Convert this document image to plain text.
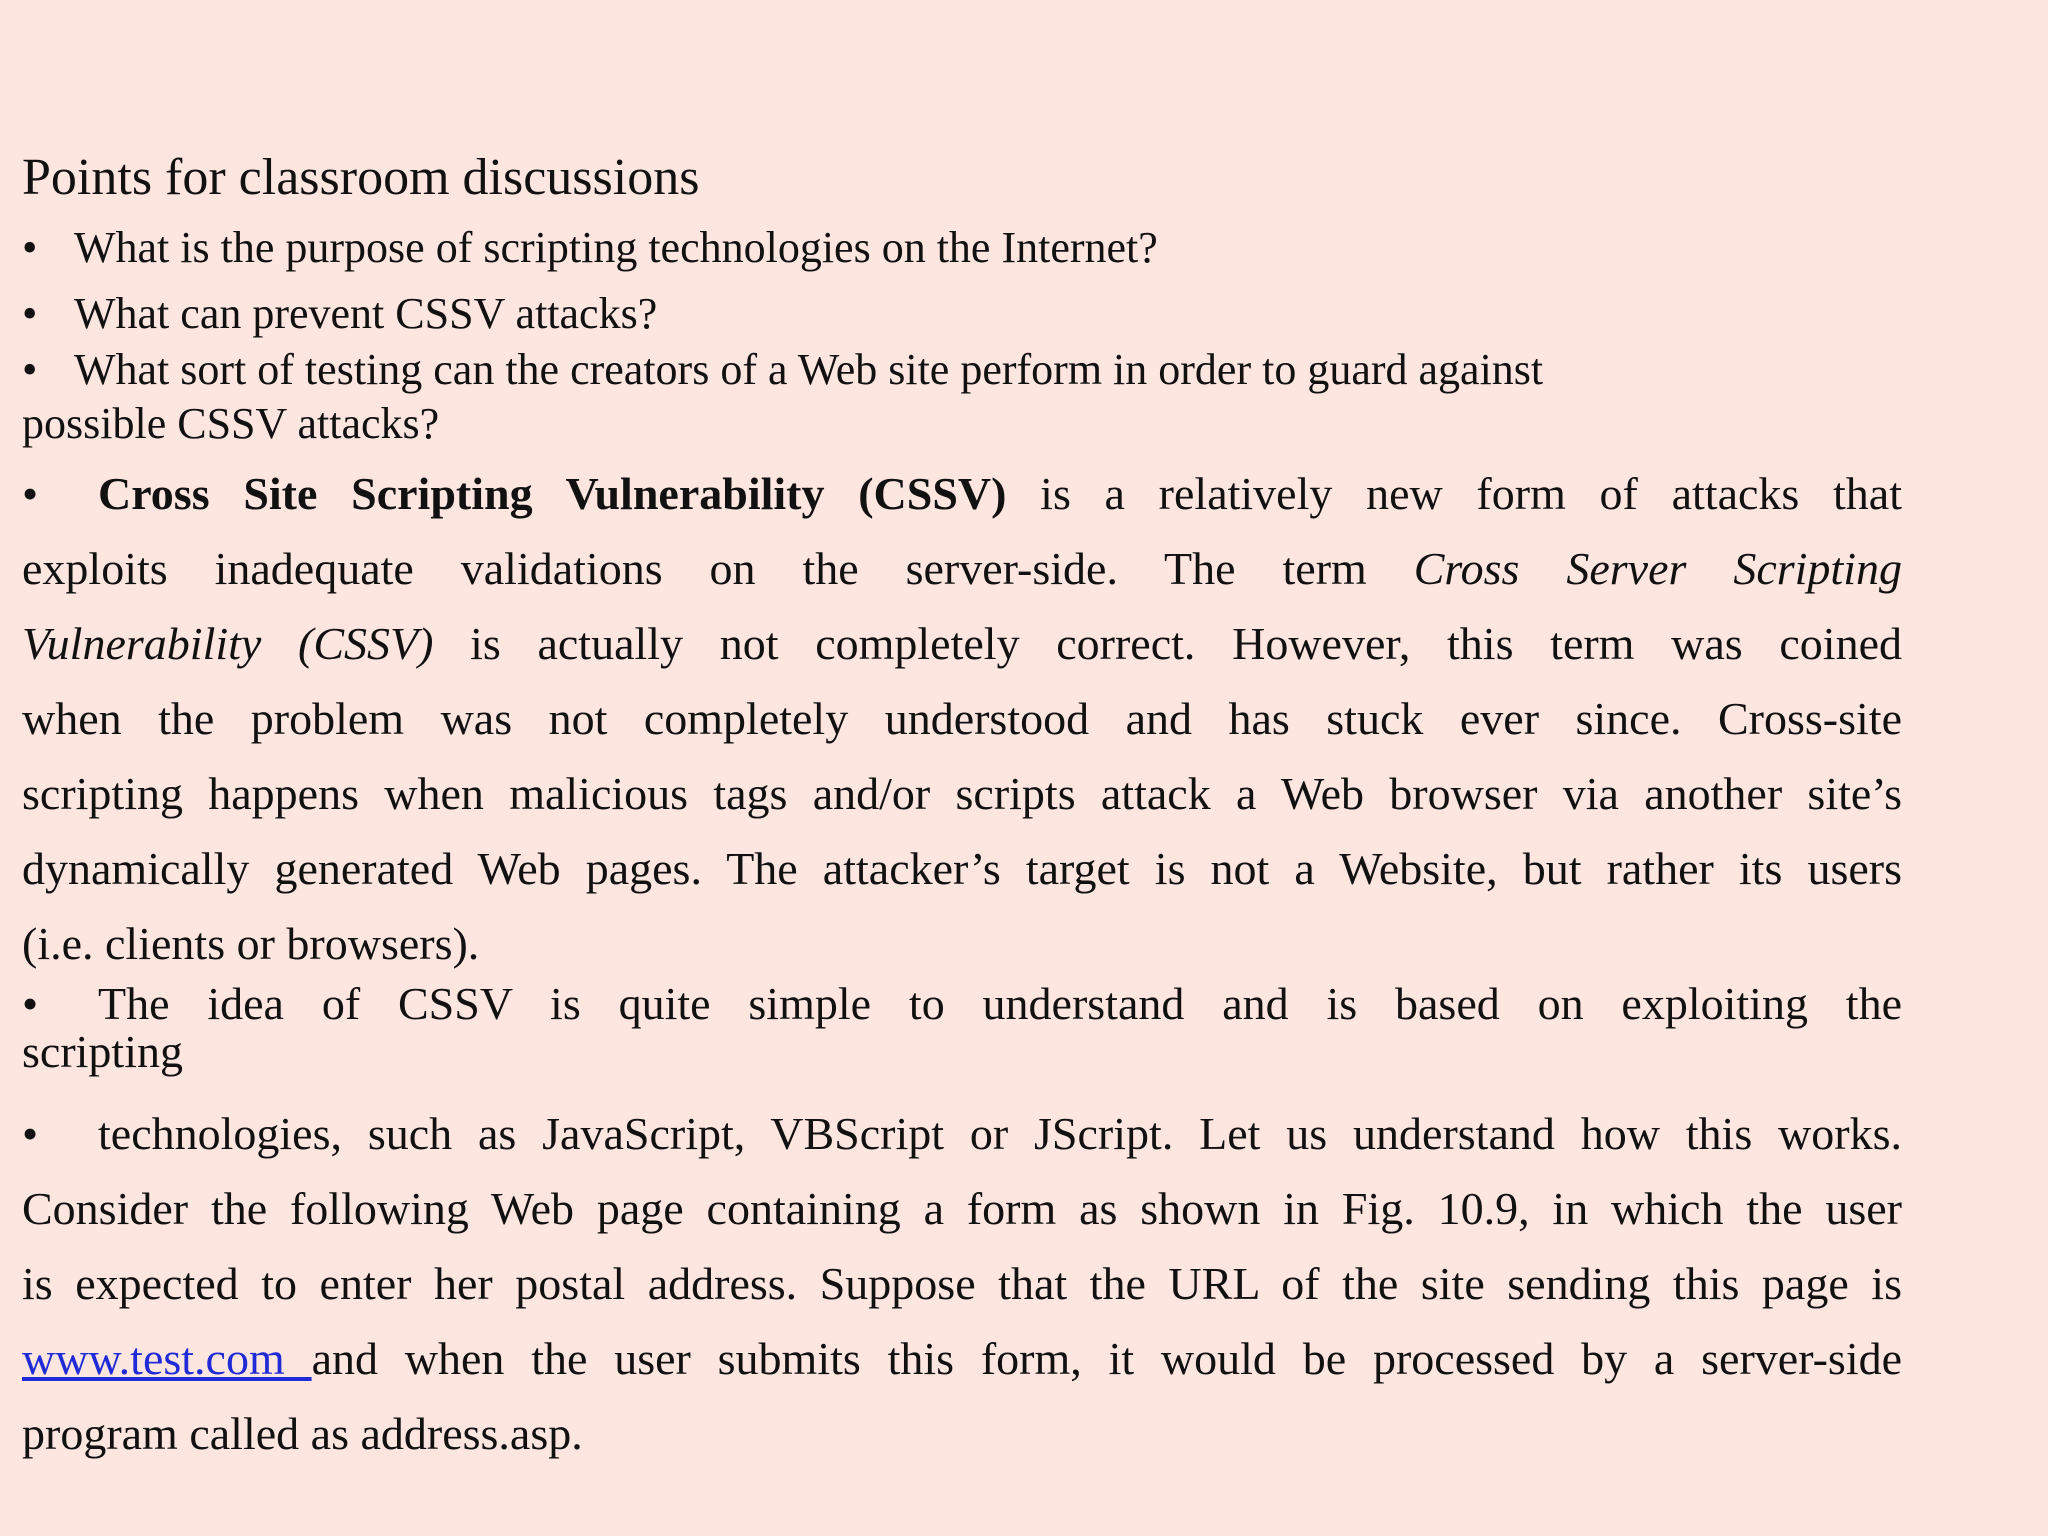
Points for classroom discussions
• What is the purpose of scripting technologies on the Internet?
• What can prevent CSSV attacks?
• What sort of testing can the creators of a Web site perform in order to guard against
possible CSSV attacks?
• Cross Site Scripting Vulnerability (CSSV) is a relatively new form of attacks that
exploits inadequate validations on the server-side. The term Cross Server Scripting
Vulnerability (CSSV) is actually not completely correct. However, this term was coined
when the problem was not completely understood and has stuck ever since. Cross-site
scripting happens when malicious tags and/or scripts attack a Web browser via another site’s
dynamically generated Web pages. The attacker’s target is not a Website, but rather its users
(i.e. clients or browsers).
• The idea of CSSV is quite simple to understand and is based on exploiting the
scripting
• technologies, such as JavaScript, VBScript or JScript. Let us understand how this works.
Consider the following Web page containing a form as shown in Fig. 10.9, in which the user
is expected to enter her postal address. Suppose that the URL of the site sending this page is
www.test.com and when the user submits this form, it would be processed by a server-side
program called as address.asp.
